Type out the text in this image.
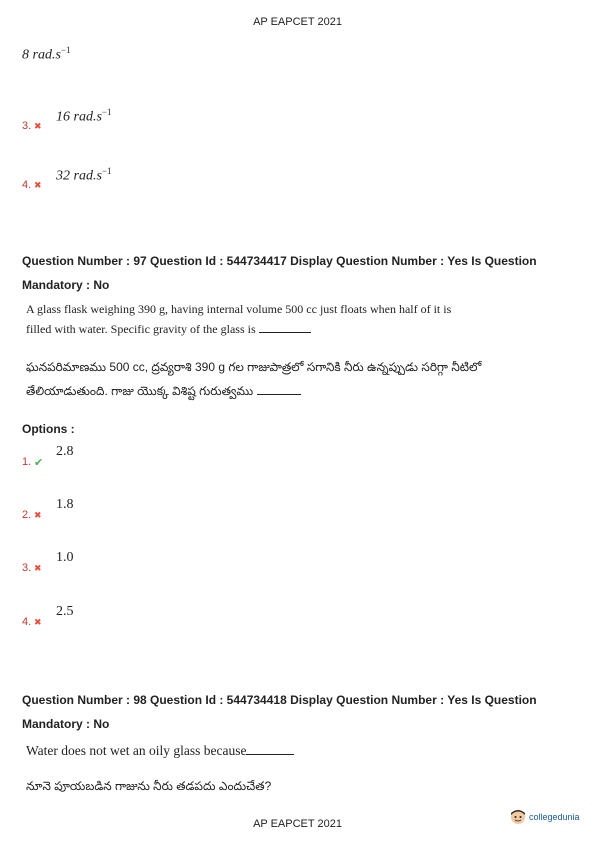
AP EAPCET 2021
8 $rad.s^{-1}$
3. ✖
16 $rad.s^{-1}$
4. ✖
32 $rad.s^{-1}$
Question Number : 97 Question Id : 544734417 Display Question Number : Yes Is Question
Mandatory : No
A glass flask weighing 390 g, having internal volume 500 cc just floats when half of it is
filled with water. Specific gravity of the glass is
ఘనపరిమాణము 500 cc, ద్రవ్యరాశి 390 g గల గాజుపాత్రలో సగానికి నీరు ఉన్నప్పుడు సరిగ్గా నీటిలో
తేలియాడుతుంది. గాజు యొక్క విశిష్ట గురుత్వము
Options :
1. ✔
2.8
2. ✖
1.8
3. ✖
1.0
4. ✖
2.5
Question Number : 98 Question Id : 544734418 Display Question Number : Yes Is Question
Mandatory : No
Water does not wet an oily glass because
నూనె పూయబడిన గాజును నీరు తడపదు ఎందుచేత?
AP EAPCET 2021
collegedunia
